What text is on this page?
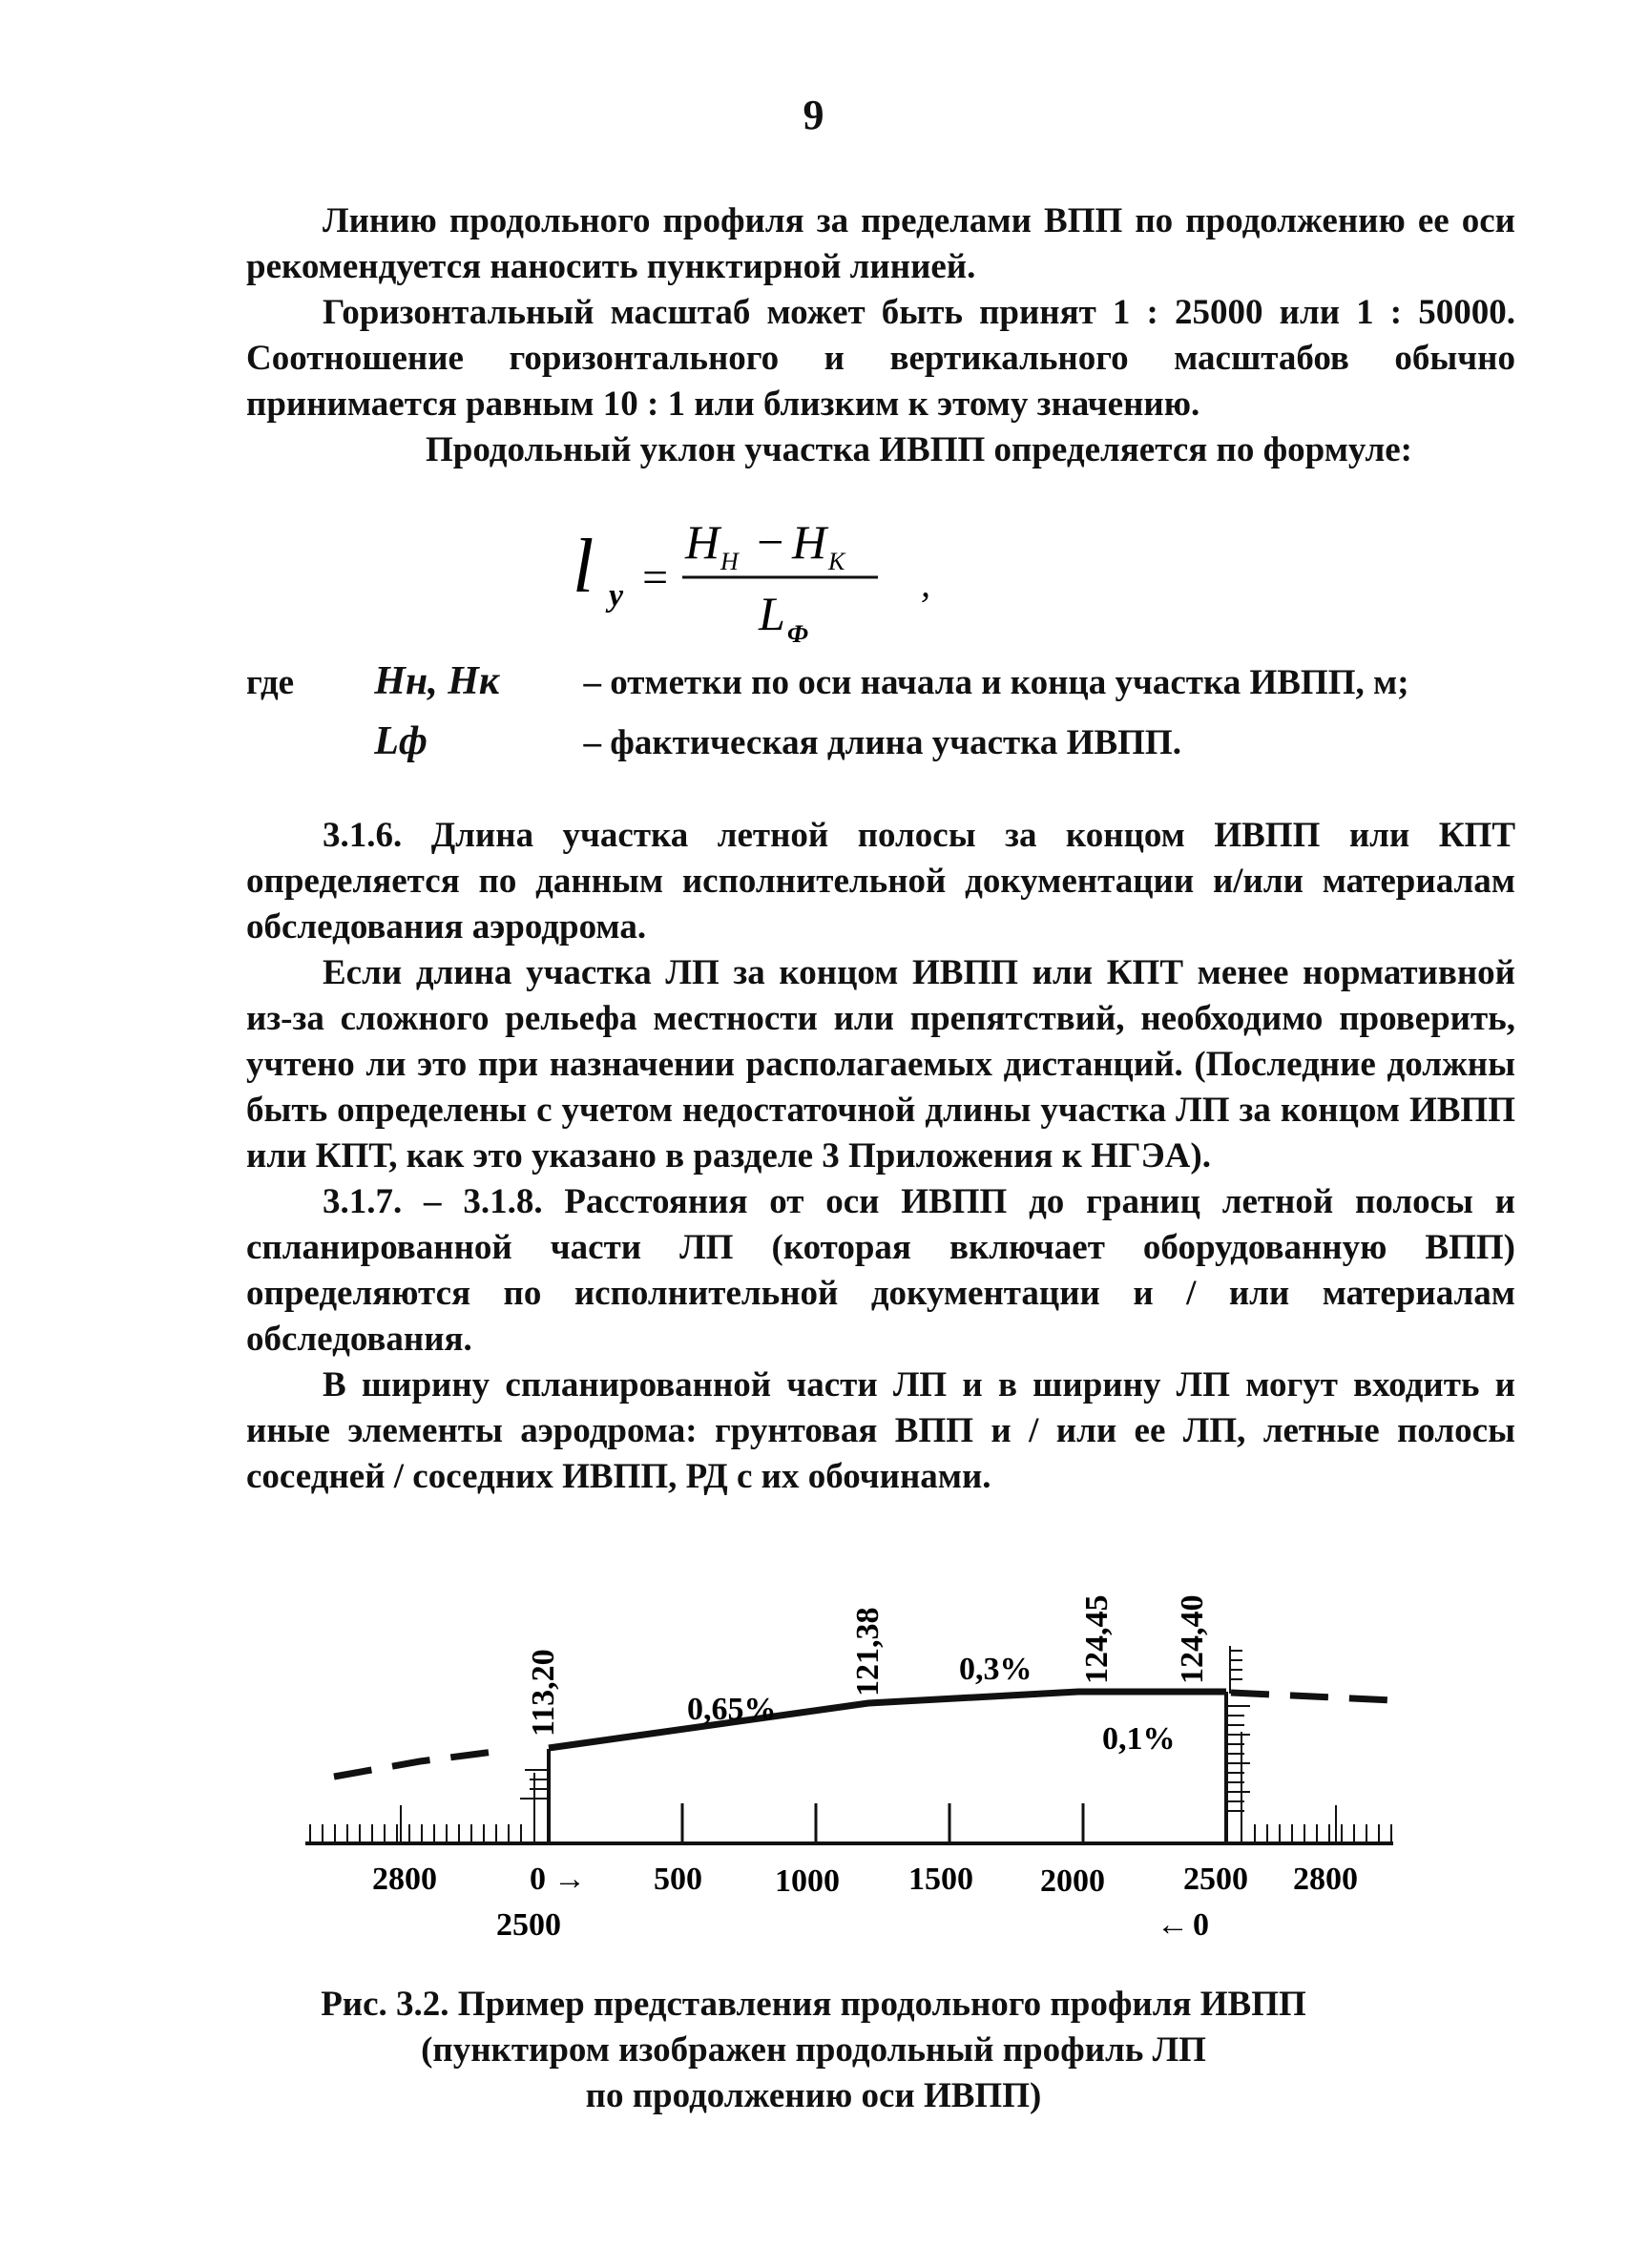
9

Линию продольного профиля за пределами ВПП по продолжению ее оси рекомендуется наносить пунктирной линией.

Горизонтальный масштаб может быть принят 1 : 25000 или 1 : 50000. Соотношение горизонтального и вертикального масштабов обычно принимается равным 10 : 1 или близким к этому значению.

Продольный уклон участка ИВПП определяется по формуле:

l у =
H Н − H К
L Ф
,
где Hн, Hк – отметки по оси начала и конца участка ИВПП, м;
Lф	– фактическая длина участка ИВПП.

3.1.6. Длина участка летной полосы за концом ИВПП или КПТ определяется по данным исполнительной документации и/или материалам обследования аэродрома.

Если длина участка ЛП за концом ИВПП или КПТ менее нормативной из-за сложного рельефа местности или препятствий, необходимо проверить, учтено ли это при назначении располагаемых дистанций. (Последние должны быть определены с учетом недостаточной длины участка ЛП за концом ИВПП или КПТ, как это указано в разделе 3 Приложения к НГЭА).

3.1.7. – 3.1.8. Расстояния от оси ИВПП до границ летной полосы и спланированной части ЛП (которая включает оборудованную ВПП) определяются по исполнительной документации и / или материалам обследования.

В ширину спланированной части ЛП и в ширину ЛП могут входить и иные элементы аэродрома: грунтовая ВПП и / или ее ЛП, летные полосы соседней / соседних ИВПП, РД с их обочинами.

113,20	121,38	124,45 124,40
0,65%
0,3%
0,1%
2800	0 → 500 1000 1500 2000 2500 2800
2500	← 0
Рис. 3.2. Пример представления продольного профиля ИВПП
(пунктиром изображен продольный профиль ЛП
по продолжению оси ИВПП)
